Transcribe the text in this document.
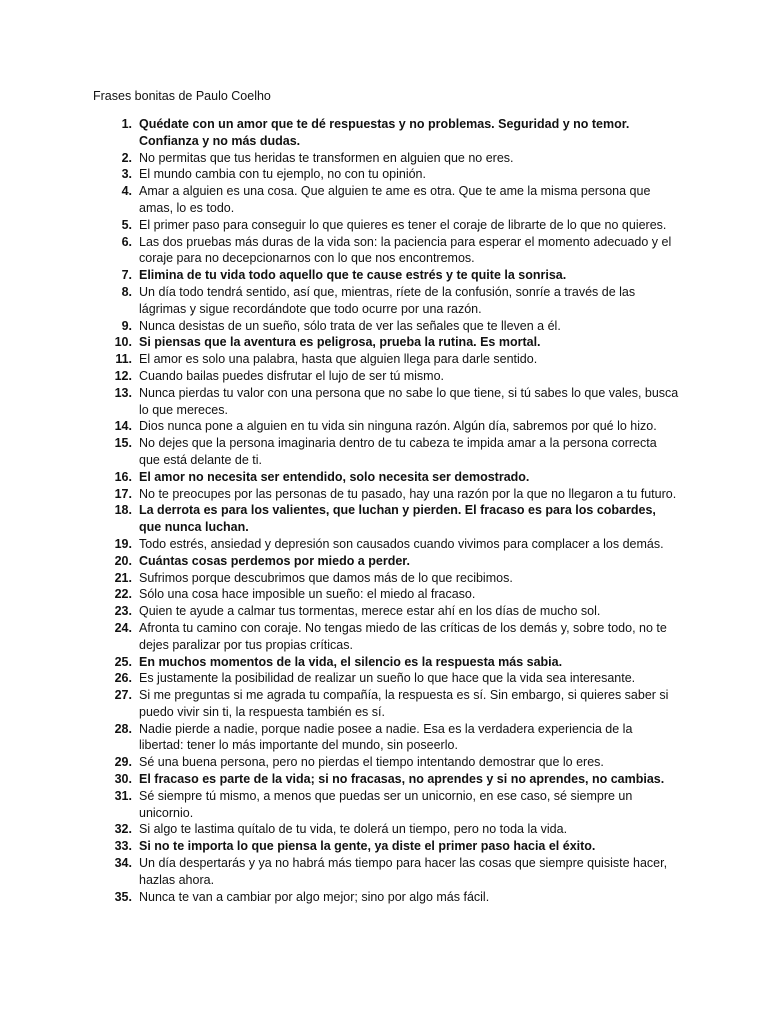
Frases bonitas de Paulo Coelho
1. Quédate con un amor que te dé respuestas y no problemas. Seguridad y no temor. Confianza y no más dudas.
2. No permitas que tus heridas te transformen en alguien que no eres.
3. El mundo cambia con tu ejemplo, no con tu opinión.
4. Amar a alguien es una cosa. Que alguien te ame es otra. Que te ame la misma persona que amas, lo es todo.
5. El primer paso para conseguir lo que quieres es tener el coraje de librarte de lo que no quieres.
6. Las dos pruebas más duras de la vida son: la paciencia para esperar el momento adecuado y el coraje para no decepcionarnos con lo que nos encontremos.
7. Elimina de tu vida todo aquello que te cause estrés y te quite la sonrisa.
8. Un día todo tendrá sentido, así que, mientras, ríete de la confusión, sonríe a través de las lágrimas y sigue recordándote que todo ocurre por una razón.
9. Nunca desistas de un sueño, sólo trata de ver las señales que te lleven a él.
10. Si piensas que la aventura es peligrosa, prueba la rutina. Es mortal.
11. El amor es solo una palabra, hasta que alguien llega para darle sentido.
12. Cuando bailas puedes disfrutar el lujo de ser tú mismo.
13. Nunca pierdas tu valor con una persona que no sabe lo que tiene, si tú sabes lo que vales, busca lo que mereces.
14. Dios nunca pone a alguien en tu vida sin ninguna razón. Algún día, sabremos por qué lo hizo.
15. No dejes que la persona imaginaria dentro de tu cabeza te impida amar a la persona correcta que está delante de ti.
16. El amor no necesita ser entendido, solo necesita ser demostrado.
17. No te preocupes por las personas de tu pasado, hay una razón por la que no llegaron a tu futuro.
18. La derrota es para los valientes, que luchan y pierden. El fracaso es para los cobardes, que nunca luchan.
19. Todo estrés, ansiedad y depresión son causados cuando vivimos para complacer a los demás.
20. Cuántas cosas perdemos por miedo a perder.
21. Sufrimos porque descubrimos que damos más de lo que recibimos.
22. Sólo una cosa hace imposible un sueño: el miedo al fracaso.
23. Quien te ayude a calmar tus tormentas, merece estar ahí en los días de mucho sol.
24. Afronta tu camino con coraje. No tengas miedo de las críticas de los demás y, sobre todo, no te dejes paralizar por tus propias críticas.
25. En muchos momentos de la vida, el silencio es la respuesta más sabia.
26. Es justamente la posibilidad de realizar un sueño lo que hace que la vida sea interesante.
27. Si me preguntas si me agrada tu compañía, la respuesta es sí. Sin embargo, si quieres saber si puedo vivir sin ti, la respuesta también es sí.
28. Nadie pierde a nadie, porque nadie posee a nadie. Esa es la verdadera experiencia de la libertad: tener lo más importante del mundo, sin poseerlo.
29. Sé una buena persona, pero no pierdas el tiempo intentando demostrar que lo eres.
30. El fracaso es parte de la vida; si no fracasas, no aprendes y si no aprendes, no cambias.
31. Sé siempre tú mismo, a menos que puedas ser un unicornio, en ese caso, sé siempre un unicornio.
32. Si algo te lastima quítalo de tu vida, te dolerá un tiempo, pero no toda la vida.
33. Si no te importa lo que piensa la gente, ya diste el primer paso hacia el éxito.
34. Un día despertarás y ya no habrá más tiempo para hacer las cosas que siempre quisiste hacer, hazlas ahora.
35. Nunca te van a cambiar por algo mejor; sino por algo más fácil.
